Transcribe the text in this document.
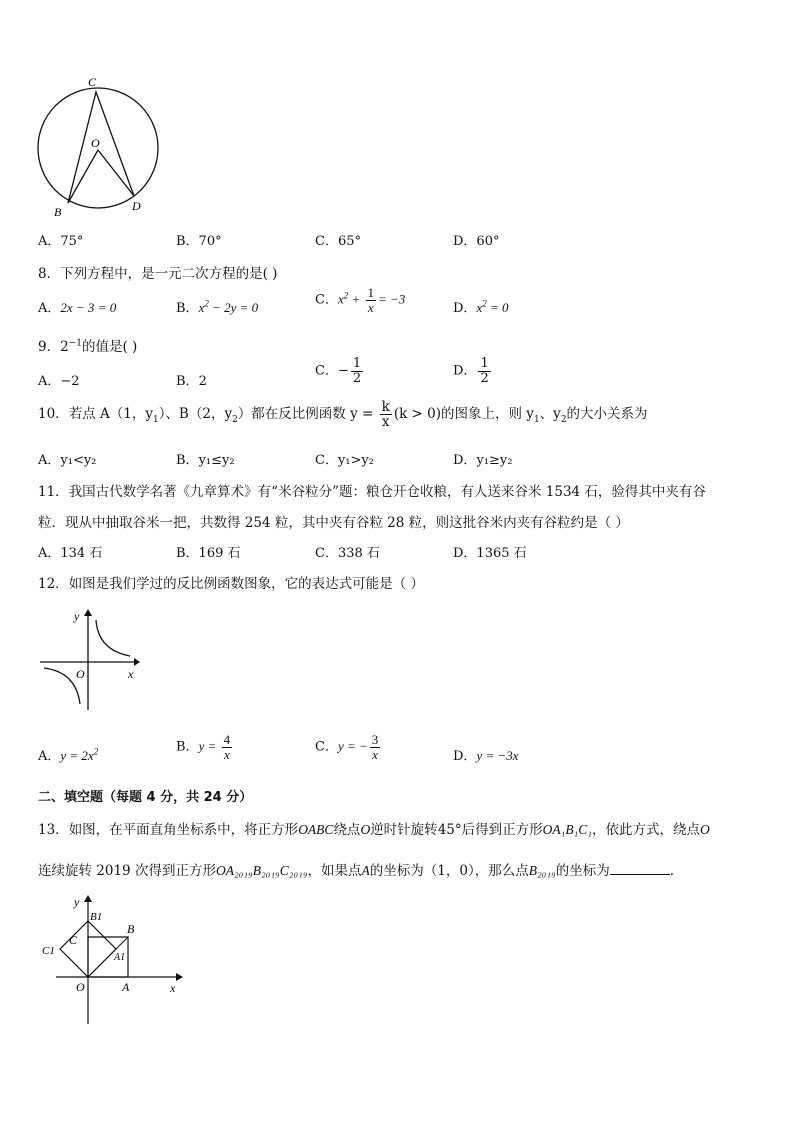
C
O
B	D
A．75°	B．70°	C．65°	D．60°
8．下列方程中，是一元二次方程的是( )
A．2x − 3 = 0	B．$x^2 - 2y = 0$	C．$x^2 + \frac{1}{x} = -3$
D．$x^2 = 0$
9．$2^{-1}$的值是( )
A．−2	B．2
C．− $\frac{1}{2}$	D． $\frac{1}{2}$
10．若点 A（1，$y_1$）、B（2，$y_2$）都在反比例函数 $y = \frac{k}{x} (k > 0)$的图象上，则 $y_1$、$y_2$的大小关系为
A．y₁<y₂	B．y₁≤y₂	C．y₁>y₂	D．y₁≥y₂
11．我国古代数学名著《九章算术》有“米谷粒分”题：粮仓开仓收粮，有人送来谷米 1534 石，验得其中夹有谷
粒．现从中抽取谷米一把，共数得 254 粒，其中夹有谷粒 28 粒，则这批谷米内夹有谷粒约是（ ）
A．134 石	B．169 石	C．338 石	D．1365 石
12．如图是我们学过的反比例函数图象，它的表达式可能是（ ）
y
x
O
A．$y = 2x^2$	B．$y = \frac{4}{x}$	C．y = − $\frac{3}{x}$	D．y = −3x
二、填空题（每题 4 分，共 24 分）
13．如图，在平面直角坐标系中，将正方形OABC绕点O逆时针旋转45°后得到正方形OA₁B₁C₁，依此方式，绕点O
连续旋转 2019 次得到正方形OA₂₀₁₉B₂₀₁₉C₂₀₁₉，如果点A的坐标为（1，0），那么点B₂₀₁₉的坐标为	.
y
x
O	A
B
C
A1
B1
C1
